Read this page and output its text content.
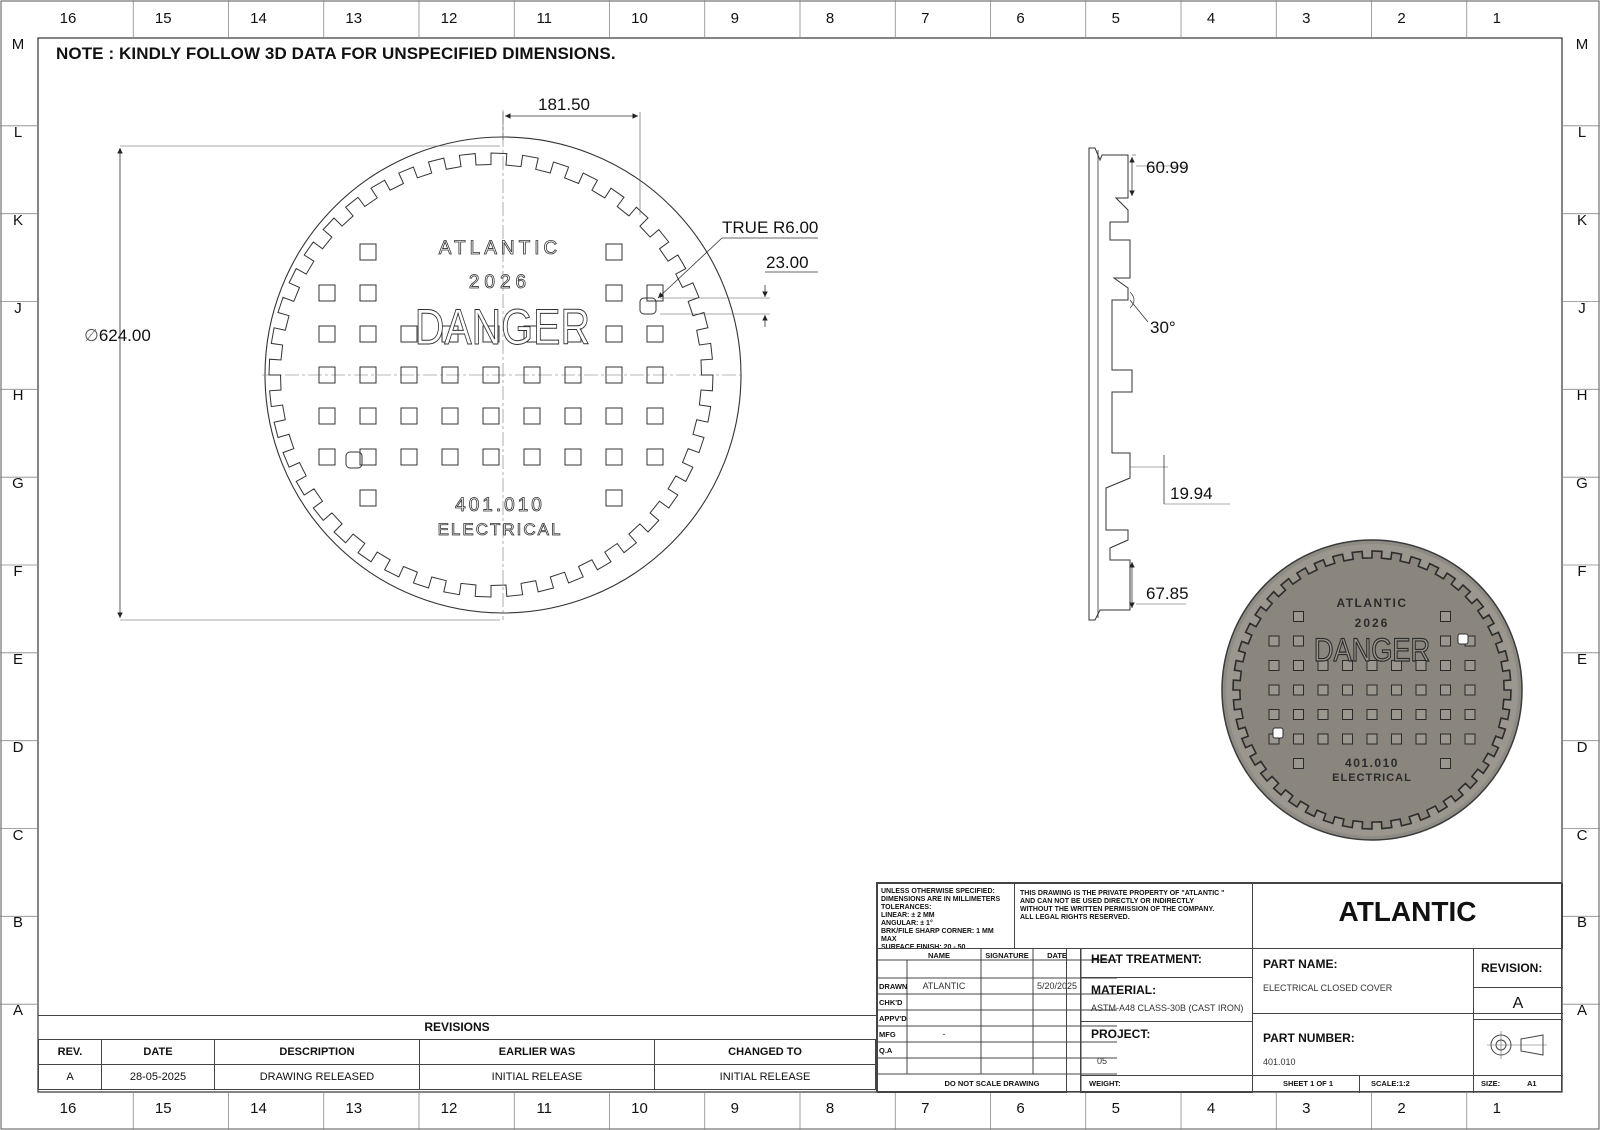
16
16
15
15
14
14
13
13
12
12
11
11
10
10
9
9
8
8
7
7
6
6
5
5
4
4
3
3
2
2
1
1
M	M
L	L
K	K
J	J
H	H
G	G
F	F
E	E
D	D
C	C
B	B
A	A
NOTE : KINDLY FOLLOW 3D DATA FOR UNSPECIFIED DIMENSIONS.
ATLANTIC
2026
DANGER
401.010
ELECTRICAL
ATLANTIC
2026
DANGER
401.010
ELECTRICAL
181.50
∅624.00
TRUE R6.00
23.00
60.99
30°
19.94
67.85
REVISIONS
REV.	DATE	DESCRIPTION	EARLIER WAS	CHANGED TO
A	28-05-2025	DRAWING RELEASED	INITIAL RELEASE	INITIAL RELEASE
UNLESS OTHERWISE SPECIFIED:
DIMENSIONS ARE IN MILLIMETERS
TOLERANCES:
LINEAR: ± 2 MM
ANGULAR: ± 1°
BRK/FILE SHARP CORNER: 1 MM MAX
SURFACE FINISH: 20 - 50
THIS DRAWING IS THE PRIVATE PROPERTY OF "ATLANTIC "
AND CAN NOT BE USED DIRECTLY OR INDIRECTLY
WITHOUT THE WRITTEN PERMISSION OF THE COMPANY.
ALL LEGAL RIGHTS RESERVED.	ATLANTIC
NAME	SIGNATURE	DATE
DRAWN	ATLANTIC	5/20/2025
CHK'D
APPV'D
MFG	-
Q.A
DO NOT SCALE DRAWING
HEAT TREATMENT:
MATERIAL:
ASTM-A48 CLASS-30B (CAST IRON)
PROJECT:
05
WEIGHT:
PART NAME:
ELECTRICAL CLOSED COVER
PART NUMBER:
401.010
SHEET 1 OF 1	SCALE:1:2
REVISION:
A
SIZE:	A1
